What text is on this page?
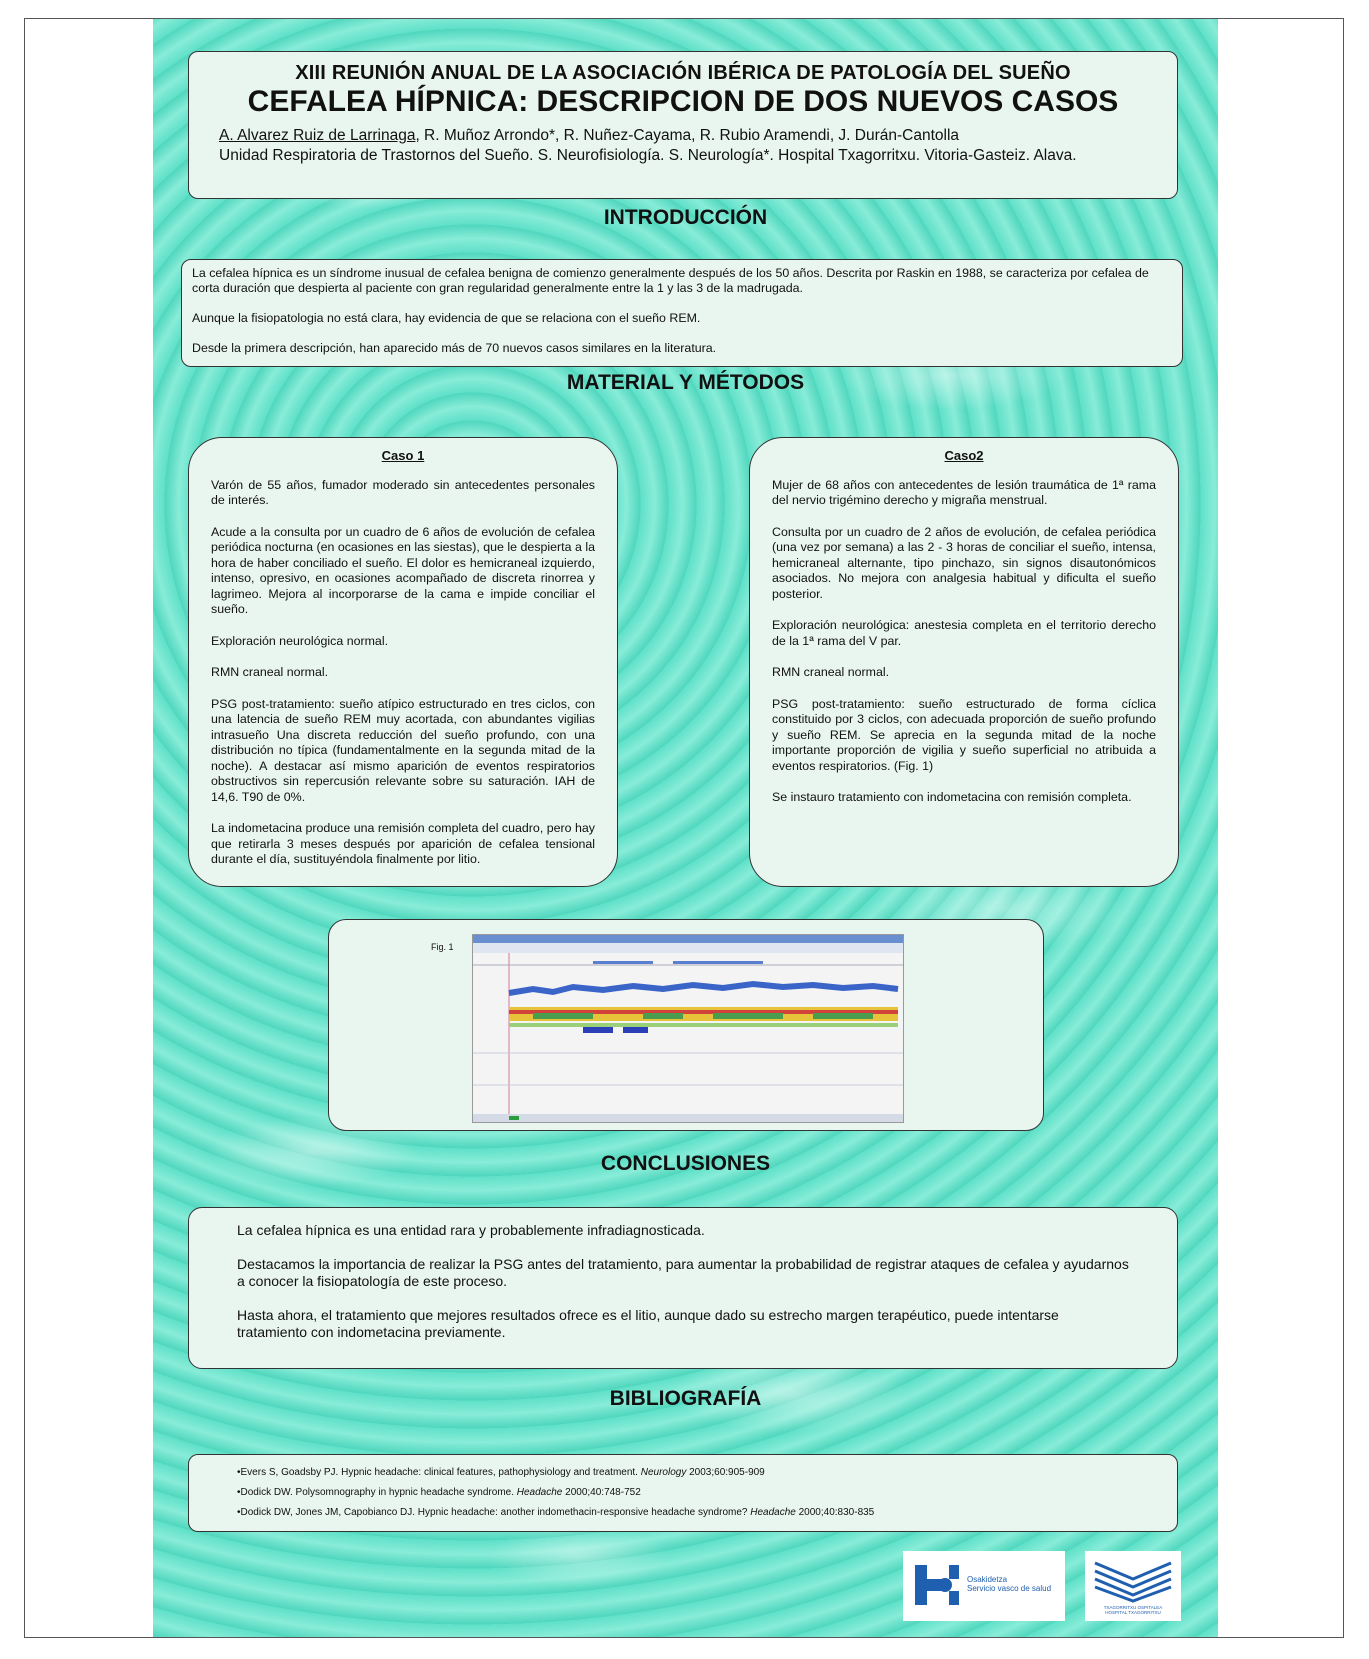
XIII REUNIÓN ANUAL DE LA ASOCIACIÓN IBÉRICA DE PATOLOGÍA DEL SUEÑO
CEFALEA HÍPNICA: DESCRIPCION DE DOS NUEVOS CASOS
A. Alvarez Ruiz de Larrinaga, R. Muñoz Arrondo*, R. Nuñez-Cayama, R. Rubio Aramendi, J. Durán-Cantolla
Unidad Respiratoria de Trastornos del Sueño. S. Neurofisiología. S. Neurología*. Hospital Txagorritxu. Vitoria-Gasteiz. Alava.
INTRODUCCIÓN

La cefalea hípnica es un síndrome inusual de cefalea benigna de comienzo generalmente después de los 50 años. Descrita por Raskin en 1988, se caracteriza por cefalea de corta duración que despierta al paciente con gran regularidad generalmente entre la 1 y las 3 de la madrugada.

Aunque la fisiopatologia no está clara, hay evidencia de que se relaciona con el sueño REM.

Desde la primera descripción, han aparecido más de 70 nuevos casos similares en la literatura.

MATERIAL Y MÉTODOS
Caso 1

Varón de 55 años, fumador moderado sin antecedentes personales de interés.

Acude a la consulta por un cuadro de 6 años de evolución de cefalea periódica nocturna (en ocasiones en las siestas), que le despierta a la hora de haber conciliado el sueño. El dolor es hemicraneal izquierdo, intenso, opresivo, en ocasiones acompañado de discreta rinorrea y lagrimeo. Mejora al incorporarse de la cama e impide conciliar el sueño.

Exploración neurológica normal.

RMN craneal normal.

PSG post-tratamiento: sueño atípico estructurado en tres ciclos, con una latencia de sueño REM muy acortada, con abundantes vigilias intrasueño Una discreta reducción del sueño profundo, con una distribución no típica (fundamentalmente en la segunda mitad de la noche). A destacar así mismo aparición de eventos respiratorios obstructivos sin repercusión relevante sobre su saturación. IAH de 14,6. T90 de 0%.

La indometacina produce una remisión completa del cuadro, pero hay que retirarla 3 meses después por aparición de cefalea tensional durante el día, sustituyéndola finalmente por litio.

Caso2

Mujer de 68 años con antecedentes de lesión traumática de 1ª rama del nervio trigémino derecho y migraña menstrual.

Consulta por un cuadro de 2 años de evolución, de cefalea periódica (una vez por semana) a las 2 - 3 horas de conciliar el sueño, intensa, hemicraneal alternante, tipo pinchazo, sin signos disautonómicos asociados. No mejora con analgesia habitual y dificulta el sueño posterior.

Exploración neurológica: anestesia completa en el territorio derecho de la 1ª rama del V par.

RMN craneal normal.

PSG post-tratamiento: sueño estructurado de forma cíclica constituido por 3 ciclos, con adecuada proporción de sueño profundo y sueño REM. Se aprecia en la segunda mitad de la noche importante proporción de vigilia y sueño superficial no atribuida a eventos respiratorios. (Fig. 1)

Se instauro tratamiento con indometacina con remisión completa.

Fig. 1
CONCLUSIONES

La cefalea hípnica es una entidad rara y probablemente infradiagnosticada.

Destacamos la importancia de realizar la PSG antes del tratamiento, para aumentar la probabilidad de registrar ataques de cefalea y ayudarnos a conocer la fisiopatología de este proceso.

Hasta ahora, el tratamiento que mejores resultados ofrece es el litio, aunque dado su estrecho margen terapéutico, puede intentarse tratamiento con indometacina previamente.

BIBLIOGRAFÍA
•Evers S, Goadsby PJ. Hypnic headache: clinical features, pathophysiology and treatment. Neurology 2003;60:905-909
•Dodick DW. Polysomnography in hypnic headache syndrome. Headache 2000;40:748-752
•Dodick DW, Jones JM, Capobianco DJ. Hypnic headache: another indomethacin-responsive headache syndrome? Headache 2000;40:830-835
Osakidetza
Servicio vasco de salud
TXAGORRITXU OSPITALEA
HOSPITAL TXAGORRITXU
